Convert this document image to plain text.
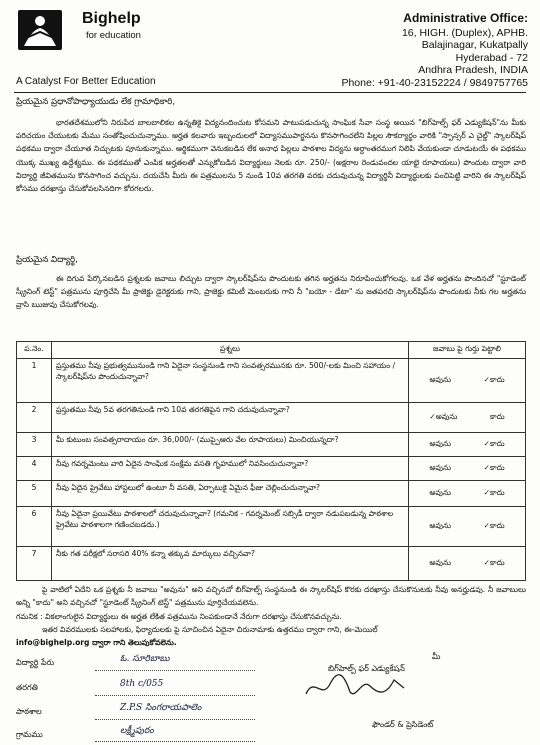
Bighelp
for education
A Catalyst For Better Education
Administrative Office:
16, HIGH. (Duplex), APHB.
Balajinagar, Kukatpally
Hyderabad - 72
Andhra Pradesh, INDIA
Phone: +91-40-23152224 / 9849757765
ప్రియమైన ప్రధానోపాధ్యాయుడు లేక గ్రామాధికారి,
భారతదేశములోని నిరుపేద బాలబాలికల ఉన్నతికై విద్యనందించుట కోసమని పాటుపడుచున్న సాంఘిక సేవా సంస్థ అయిన "బిగ్‌హెల్ప్ ఫర్ ఎడ్యుకేషన్"ను మీకు పరిచయం చేయుటకు మేము సంతోషించుచున్నాము. అర్హత కలవారు ఇబ్బందులలో విద్యాసముపార్జనను కొనసాగించలేని పిల్లల సౌకర్యార్థం వారికి "స్పాన్సర్ ఎ చైల్డ్" స్కాలర్‌షిప్ పథకము ద్వారా చేయూత నిచ్చుటకు పూనుకున్నాము. ఆర్థికముగా వెనుకబడిన లేక అనాధ పిల్లలు పాఠశాల విద్యను అర్ధాంతరముగ నిలిపి వేయకుండా చూడుటయే ఈ పథకము యొక్క ముఖ్య ఉద్దేశ్యము. ఈ పథకముతో ఎంపిక అర్హతలతో ఎన్నుకోబడిన విద్యార్థులు నెలకు రూ. 250/- (అక్షరాల రెండువందల యాభై రూపాయలు) పొందుట ద్వారా వారి విద్యార్థి జీవితమును కొనసాగించ వచ్చును. దయచేసి మీరు ఈ పత్రములను 5 నుండి 10వ తరగతి వరకు చదువుచున్న విద్యార్థినీ విద్యార్థులకు పంచిపెట్టి వారిని ఈ స్కాలర్‌షిప్ కోసము దరఖాస్తు చేసుకోవలసినదిగా కోరగలరు.
ప్రియమైన విద్యార్థి,
ఈ దిగువ పేర్కొనబడిన ప్రశ్నలకు జవాబు లిచ్చుట ద్వారా స్కాలర్‌షిప్‌ను పొందుటకు తగిన అర్హతను నిరూపించుకోగలవు. ఒక వేళ అర్హతను పొందినచో "స్టూడెంట్ స్క్రీనింగ్ టెస్ట్" పత్రమును పూర్తిచేసి మీ ప్రాజెక్టు డైరెక్టరుకు గాని, ప్రాజెక్టు కమిటీ మెంబరుకు గాని నీ "బయో - డేటా" ను జతపరచి స్కాలర్‌షిప్‌ను పొందుటకు నీకు గల అర్హతను వ్రాసి ఋజువు చేసుకోగలవు.
ప.నెం.	ప్రశ్నలు	జవాబు పై గుర్తు పెట్టాలి
1	ప్రస్తుతము నీవు ప్రభుత్వమునుండి గాని ఏదైనా సంస్థనుండి గాని సంవత్సరమునకు రూ. 500/-లకు మించి సహాయం / స్కాలర్‌షిప్‌ను పొందుచున్నావా?	అవును ✓కాదు

2	ప్రస్తుతము నీవు 5వ తరగతినుండి గాని 10వ తరగతిపైన గాని చదువుచున్నావా?	✓అవును కాదు

3	మీ కుటుంబ సంవత్సరాదాయం రూ. 36,000/- (ముప్పైఆరు వేల రూపాయలు) మించియున్నదా?	అవును ✓కాదు

4	నీవు గవర్నమెంటు వారి ఏదైన సాంఘిక సంక్షేమ వసతి గృహములో నివసించుచున్నావా?	అవును ✓కాదు

5	నీవు ఏదైన ప్రైవేటు హాస్టలులో ఉంటూ నీ వసతి, ఏర్పాటుకై ఏమైన ఫీజు చెల్లించుచున్నావా?	అవును ✓కాదు

6	నీవు ఏదైనా ప్రయివేటు పాఠశాలలో చదువుచున్నావా? (గమనిక - గవర్నమెంట్ సబ్సిడీ ద్వారా నడుపబడున్న పాఠశాల ప్రైవేటు పాఠశాలగా గణించబడదు.)	అవును ✓కాదు

7	నీకు గత పరీక్షలో సరాసరి 40% కన్నా తక్కువ మార్కులు వచ్చినవా?	అవును ✓కాదు
పై వాటిలో ఏదేని ఒక ప్రశ్నకు నీ జవాబు "అవును" అని వచ్చినచో బిగ్‌హెల్ప్ సంస్థనుండి ఈ స్కాలర్‌షిప్ కొరకు దరఖాస్తు చేసుకొనుటకు నీవు అనర్హుడవు. నీ జవాబులు అన్ని "కాదు" అని వచ్చినచో "స్టూడెంట్ స్క్రీనింగ్ టెస్ట్" పత్రమును పూర్తిచేయవలెను.
గమనిక : వికలాంగులైన విద్యార్థులు ఈ అర్హత లేకిత పత్రమును నింపకుండానే నేరుగా దరఖాస్తు చేసుకొనవచ్చును.
ఇతర వివరములకు సలహాలకు, ఫిర్యాదులకు పై సూచించిన ఏదైనా చిరునామాకు ఉత్తరము ద్వారా గాని, ఈ-మెయిల్
info@bighelp.org ద్వారా గాని తెలుపుకోవలెను.
విద్యార్థి పేరు	ఓ. సూరిబాబు
తరగతి	8th c/055
పాఠశాల	Z.P.S సింగరాయపాలెం
గ్రామము	లక్ష్మీపురం
మీ
బిగ్‌హెల్ప్ ఫర్ ఎడ్యుకేషన్
ఫౌండర్ & ప్రెసిడెంట్
